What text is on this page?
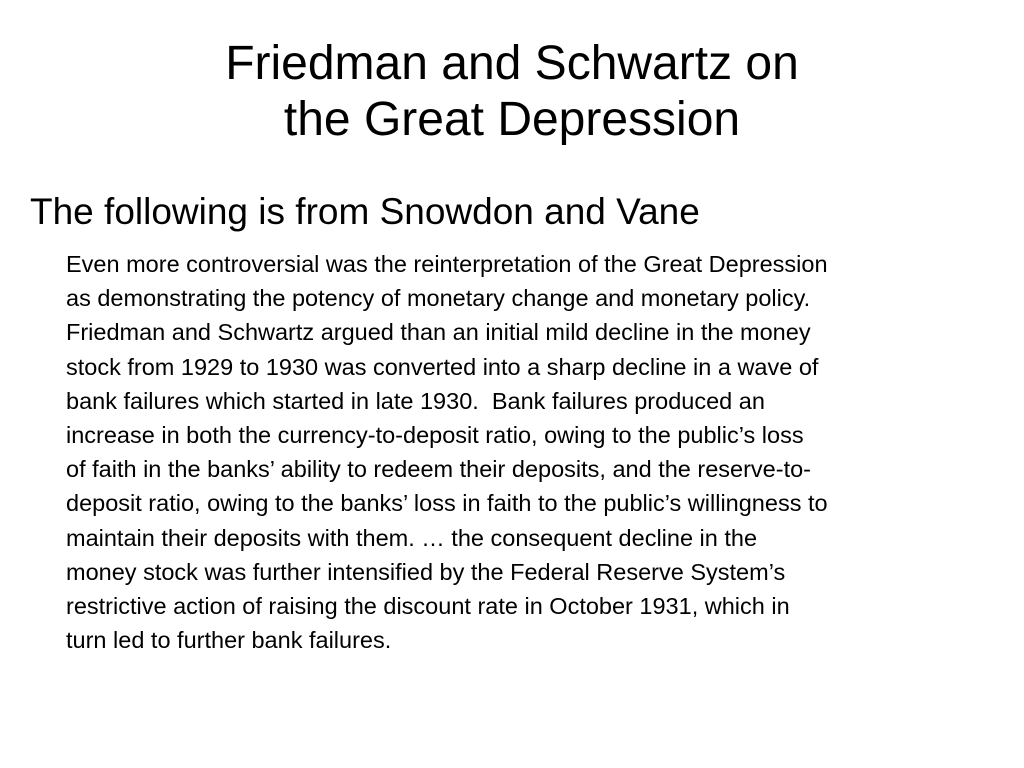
Friedman and Schwartz on
the Great Depression

The following is from Snowdon and Vane

Even more controversial was the reinterpretation of the Great Depression
as demonstrating the potency of monetary change and monetary policy.
Friedman and Schwartz argued than an initial mild decline in the money
stock from 1929 to 1930 was converted into a sharp decline in a wave of
bank failures which started in late 1930.  Bank failures produced an
increase in both the currency-to-deposit ratio, owing to the public’s loss
of faith in the banks’ ability to redeem their deposits, and the reserve-to-
deposit ratio, owing to the banks’ loss in faith to the public’s willingness to
maintain their deposits with them. … the consequent decline in the
money stock was further intensified by the Federal Reserve System’s
restrictive action of raising the discount rate in October 1931, which in
turn led to further bank failures.
